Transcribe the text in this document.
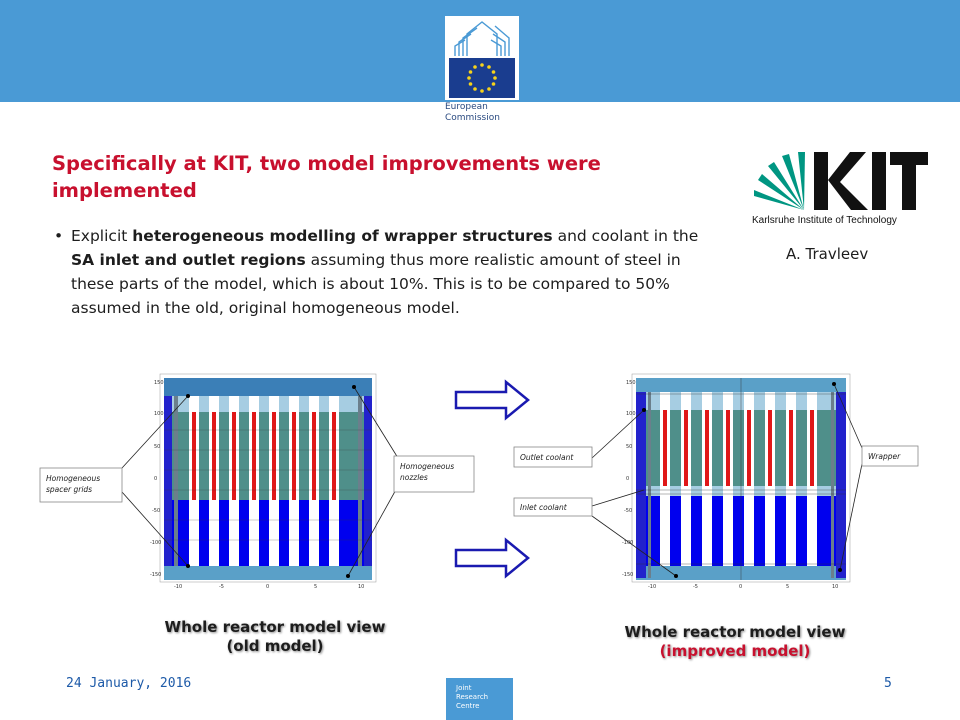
European
Commission
Specifically at KIT, two model improvements were implemented
• Explicit heterogeneous modelling of wrapper structures and coolant in the SA inlet and outlet regions assuming thus more realistic amount of steel in these parts of the model, which is about 10%. This is to be compared to 50% assumed in the old, original homogeneous model.
Karlsruhe Institute of Technology
A. Travleev
150
100
50
0
-50
-100
-150
-10	-5	0	5	10
Homogeneous
spacer grids
Homogeneous
nozzles
150
100
50
0
-50
-100
-150
-10	-5	0	5	10
Outlet coolant
Inlet coolant
Wrapper
Whole reactor model view
(old model)
Whole reactor model view
(improved model)
24 January, 2016	5
Joint
Research
Centre
